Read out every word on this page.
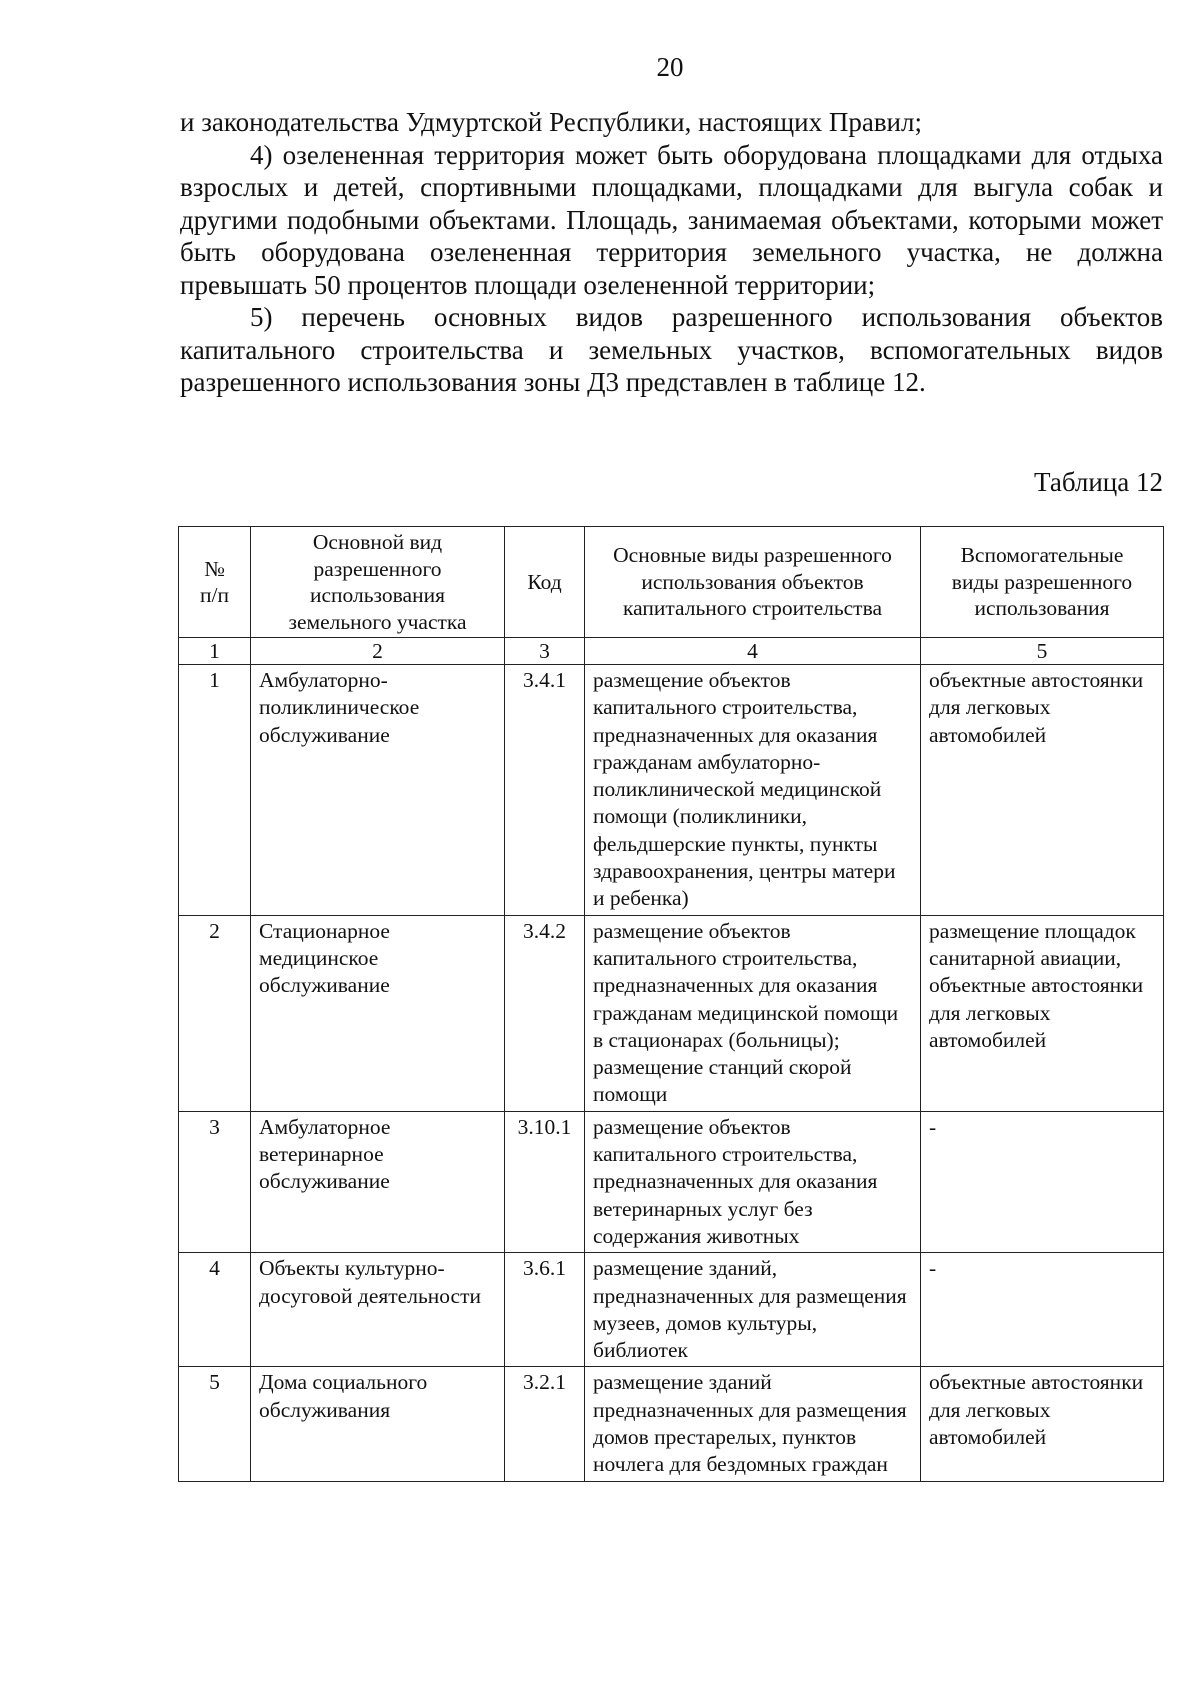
20

и законодательства Удмуртской Республики, настоящих Правил;

4) озелененная территория может быть оборудована площадками для отдыха взрослых и детей, спортивными площадками, площадками для выгула собак и другими подобными объектами. Площадь, занимаемая объектами, которыми может быть оборудована озелененная территория земельного участка, не должна превышать 50 процентов площади озелененной территории;

5) перечень основных видов разрешенного использования объектов капитального строительства и земельных участков, вспомогательных видов разрешенного использования зоны Д3 представлен в таблице 12.

Таблица 12
№ п/п	Основной вид разрешенного использования земельного участка	Код	Основные виды разрешенного использования объектов капитального строительства	Вспомогательные виды разрешенного использования
1	2	3	4	5
1	Амбулаторно-поликлиническое обслуживание	3.4.1	размещение объектов капитального строительства, предназначенных для оказания гражданам амбулаторно-поликлинической медицинской помощи (поликлиники, фельдшерские пункты, пункты здравоохранения, центры матери и ребенка)	объектные автостоянки для легковых автомобилей
2	Стационарное медицинское обслуживание	3.4.2	размещение объектов капитального строительства, предназначенных для оказания гражданам медицинской помощи в стационарах (больницы); размещение станций скорой помощи	размещение площадок санитарной авиации, объектные автостоянки для легковых автомобилей
3	Амбулаторное ветеринарное обслуживание	3.10.1	размещение объектов капитального строительства, предназначенных для оказания ветеринарных услуг без содержания животных	-
4	Объекты культурно-досуговой деятельности	3.6.1	размещение зданий, предназначенных для размещения музеев, домов культуры, библиотек	-
5	Дома социального обслуживания	3.2.1	размещение зданий предназначенных для размещения домов престарелых, пунктов ночлега для бездомных граждан	объектные автостоянки для легковых автомобилей
